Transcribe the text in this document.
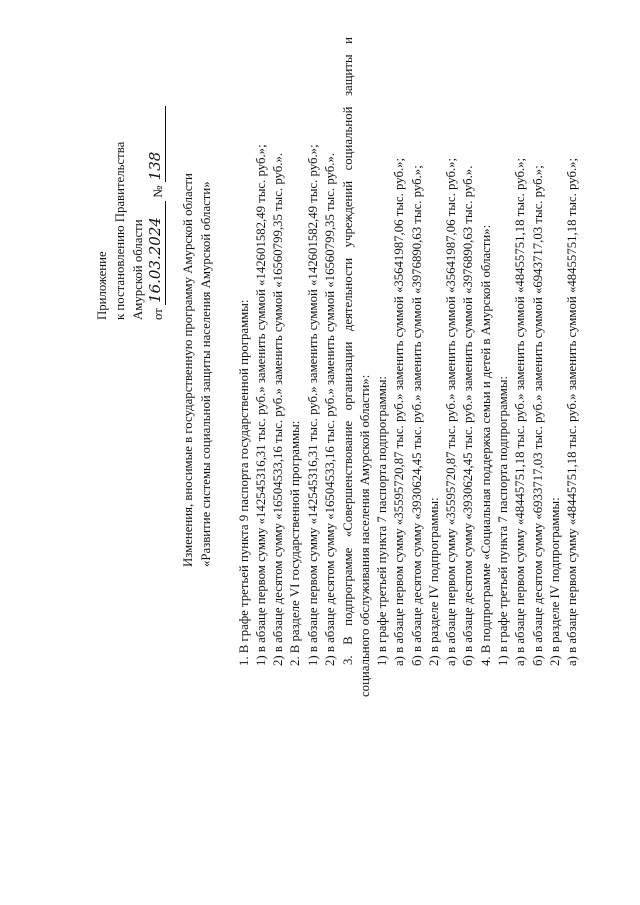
Приложение к постановлению Правительства Амурской области от 16.03.2024 № 138
Изменения, вносимые в государственную программу Амурской области «Развитие системы социальной защиты населения Амурской области» 1. В графе третьей пункта 9 паспорта государственной программы: 1) в абзаце первом сумму «142545316,31 тыс. руб.» заменить суммой «142601582,49 тыс. руб.»; 2) в абзаце десятом сумму «16504533,16 тыс. руб.» заменить суммой «16560799,35 тыс. руб.». 2. В разделе VI государственной программы: 1) в абзаце первом сумму «142545316,31 тыс. руб.» заменить суммой «142601582,49 тыс. руб.»; 2) в абзаце десятом сумму «16504533,16 тыс. руб.» заменить суммой «16560799,35 тыс. руб.». 3.
В
подпрограмме
«Совершенствование
организации
деятельности
учреждений
социальной
защиты
и
социального обслуживания населения Амурской области»: 1) в графе третьей пункта 7 паспорта подпрограммы: а) в абзаце первом сумму «35595720,87 тыс. руб.» заменить суммой «35641987,06 тыс. руб.»; б) в абзаце десятом сумму «3930624,45 тыс. руб.» заменить суммой «3976890,63 тыс. руб.»; 2) в разделе IV подпрограммы: а) в абзаце первом сумму «35595720,87 тыс. руб.» заменить суммой «35641987,06 тыс. руб.»; б) в абзаце десятом сумму «3930624,45 тыс. руб.» заменить суммой «3976890,63 тыс. руб.». 4. В подпрограмме «Социальная поддержка семьи и детей в Амурской области»: 1) в графе третьей пункта 7 паспорта подпрограммы: а) в абзаце первом сумму «48445751,18 тыс. руб.» заменить суммой «48455751,18 тыс. руб.»; б) в абзаце десятом сумму «6933717,03 тыс. руб.» заменить суммой «6943717,03 тыс. руб.»; 2) в разделе IV подпрограммы: а) в абзаце первом сумму «48445751,18 тыс. руб.» заменить суммой «48455751,18 тыс. руб.»;
